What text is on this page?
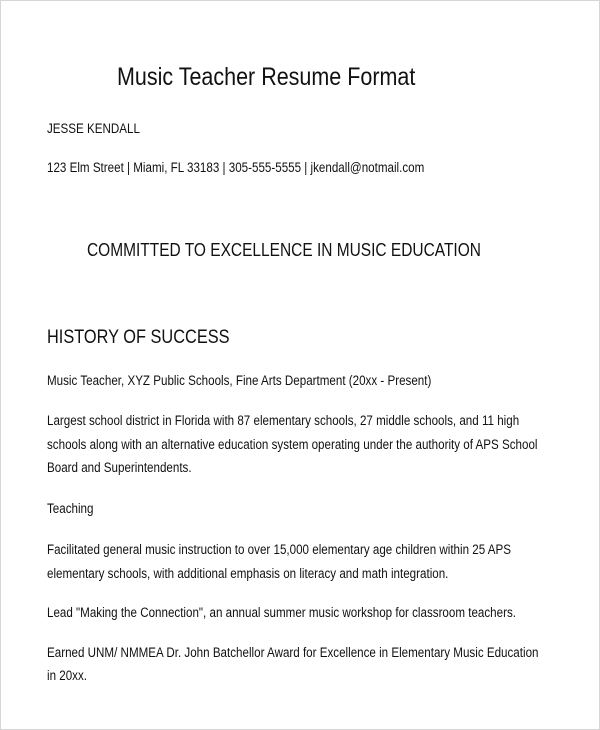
Music Teacher Resume Format
JESSE KENDALL
123 Elm Street | Miami, FL 33183 | 305-555-5555 | jkendall@notmail.com
COMMITTED TO EXCELLENCE IN MUSIC EDUCATION
HISTORY OF SUCCESS
Music Teacher, XYZ Public Schools, Fine Arts Department (20xx - Present)
Largest school district in Florida with 87 elementary schools, 27 middle schools, and 11 high
schools along with an alternative education system operating under the authority of APS School
Board and Superintendents.
Teaching
Facilitated general music instruction to over 15,000 elementary age children within 25 APS
elementary schools, with additional emphasis on literacy and math integration.
Lead "Making the Connection", an annual summer music workshop for classroom teachers.
Earned UNM/ NMMEA Dr. John Batchellor Award for Excellence in Elementary Music Education
in 20xx.
